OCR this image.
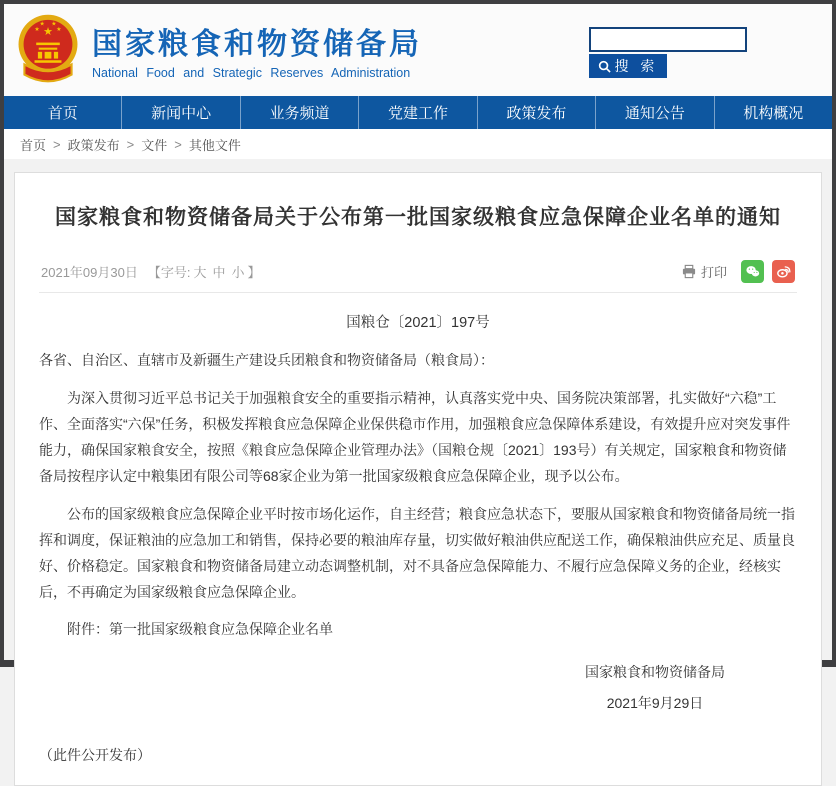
★
★
★ ★
★ 国家粮食和物资储备局
National Food and Strategic Reserves Administration	搜 索
首页	新闻中心	业务频道	党建工作	政策发布	通知公告	机构概况
首页 > 政策发布 > 文件 > 其他文件
国家粮食和物资储备局关于公布第一批国家级粮食应急保障企业名单的通知
2021年09月30日 【字号: 大 中 小 】	打印
国粮仓〔2021〕197号

各省、自治区、直辖市及新疆生产建设兵团粮食和物资储备局（粮食局）：

为深入贯彻习近平总书记关于加强粮食安全的重要指示精神，认真落实党中央、国务院决策部署，扎实做好“六稳”工作、全面落实“六保”任务，积极发挥粮食应急保障企业保供稳市作用，加强粮食应急保障体系建设，有效提升应对突发事件能力，确保国家粮食安全，按照《粮食应急保障企业管理办法》（国粮仓规〔2021〕193号）有关规定，国家粮食和物资储备局按程序认定中粮集团有限公司等68家企业为第一批国家级粮食应急保障企业，现予以公布。

公布的国家级粮食应急保障企业平时按市场化运作，自主经营；粮食应急状态下，要服从国家粮食和物资储备局统一指挥和调度，保证粮油的应急加工和销售，保持必要的粮油库存量，切实做好粮油供应配送工作，确保粮油供应充足、质量良好、价格稳定。国家粮食和物资储备局建立动态调整机制，对不具备应急保障能力、不履行应急保障义务的企业，经核实后，不再确定为国家级粮食应急保障企业。

附件：第一批国家级粮食应急保障企业名单

国家粮食和物资储备局
2021年9月29日
（此件公开发布）
